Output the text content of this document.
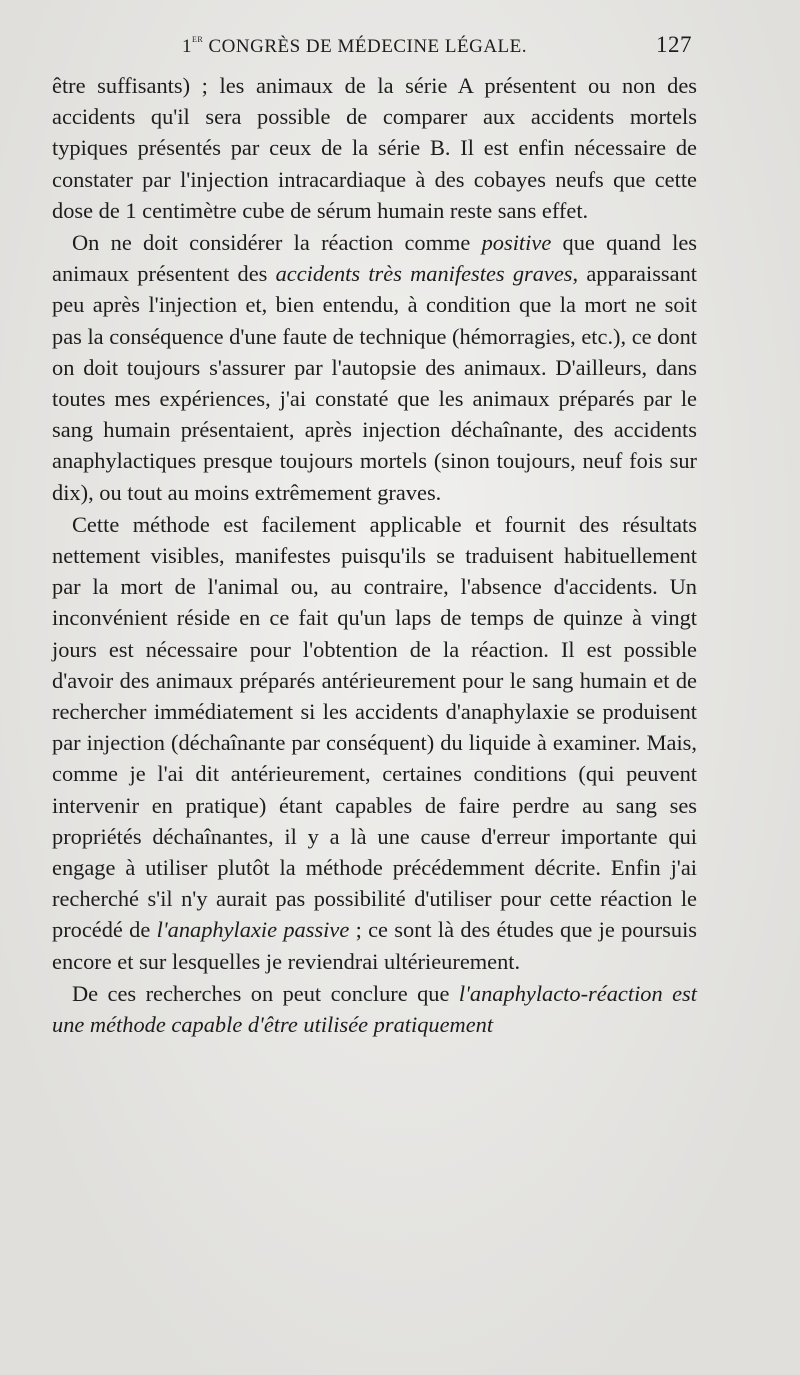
1er CONGRÈS DE MÉDECINE LÉGALE.	127

être suffisants) ; les animaux de la série A présentent ou non des accidents qu'il sera possible de comparer aux accidents mortels typiques présentés par ceux de la série B. Il est enfin nécessaire de constater par l'injection intracardiaque à des cobayes neufs que cette dose de 1 centimètre cube de sérum humain reste sans effet.

On ne doit considérer la réaction comme positive que quand les animaux présentent des accidents très manifestes graves, apparaissant peu après l'injection et, bien entendu, à condition que la mort ne soit pas la conséquence d'une faute de technique (hémorragies, etc.), ce dont on doit toujours s'assurer par l'autopsie des animaux. D'ailleurs, dans toutes mes expériences, j'ai constaté que les animaux préparés par le sang humain présentaient, après injection déchaînante, des accidents anaphylactiques presque toujours mortels (sinon toujours, neuf fois sur dix), ou tout au moins extrêmement graves.

Cette méthode est facilement applicable et fournit des résultats nettement visibles, manifestes puisqu'ils se traduisent habituellement par la mort de l'animal ou, au contraire, l'absence d'accidents. Un inconvénient réside en ce fait qu'un laps de temps de quinze à vingt jours est nécessaire pour l'obtention de la réaction. Il est possible d'avoir des animaux préparés antérieurement pour le sang humain et de rechercher immédiatement si les accidents d'anaphylaxie se produisent par injection (déchaînante par conséquent) du liquide à examiner. Mais, comme je l'ai dit antérieurement, certaines conditions (qui peuvent intervenir en pratique) étant capables de faire perdre au sang ses propriétés déchaînantes, il y a là une cause d'erreur importante qui engage à utiliser plutôt la méthode précédemment décrite. Enfin j'ai recherché s'il n'y aurait pas possibilité d'utiliser pour cette réaction le procédé de l'anaphylaxie passive ; ce sont là des études que je poursuis encore et sur lesquelles je reviendrai ultérieurement.

De ces recherches on peut conclure que l'anaphylacto-réaction est une méthode capable d'être utilisée pratiquement
